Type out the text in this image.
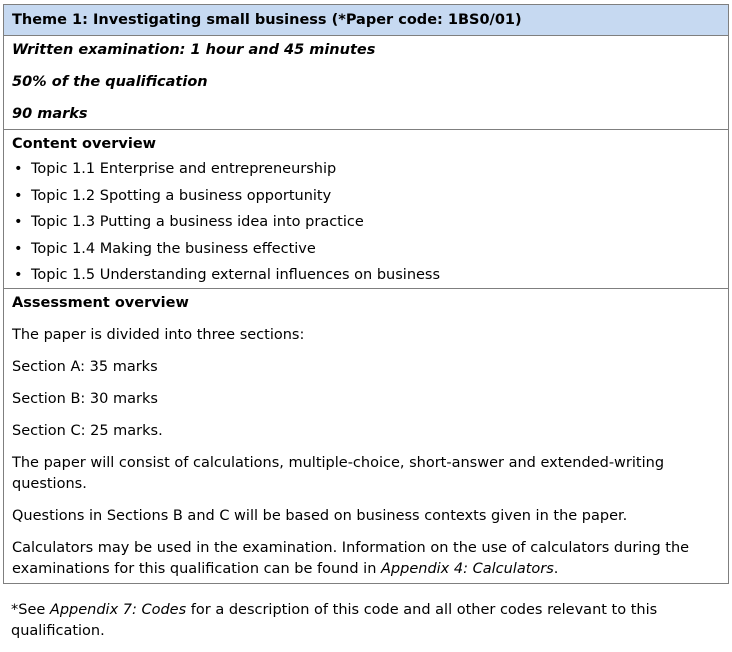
Theme 1: Investigating small business (*Paper code: 1BS0/01)

Written examination: 1 hour and 45 minutes

50% of the qualification

90 marks

Content overview

• Topic 1.1 Enterprise and entrepreneurship
• Topic 1.2 Spotting a business opportunity
• Topic 1.3 Putting a business idea into practice
• Topic 1.4 Making the business effective
• Topic 1.5 Understanding external influences on business

Assessment overview

The paper is divided into three sections:

Section A: 35 marks

Section B: 30 marks

Section C: 25 marks.

The paper will consist of calculations, multiple-choice, short-answer and extended-writing questions.

Questions in Sections B and C will be based on business contexts given in the paper.

Calculators may be used in the examination. Information on the use of calculators during the examinations for this qualification can be found in Appendix 4: Calculators.

*See Appendix 7: Codes for a description of this code and all other codes relevant to this qualification.
